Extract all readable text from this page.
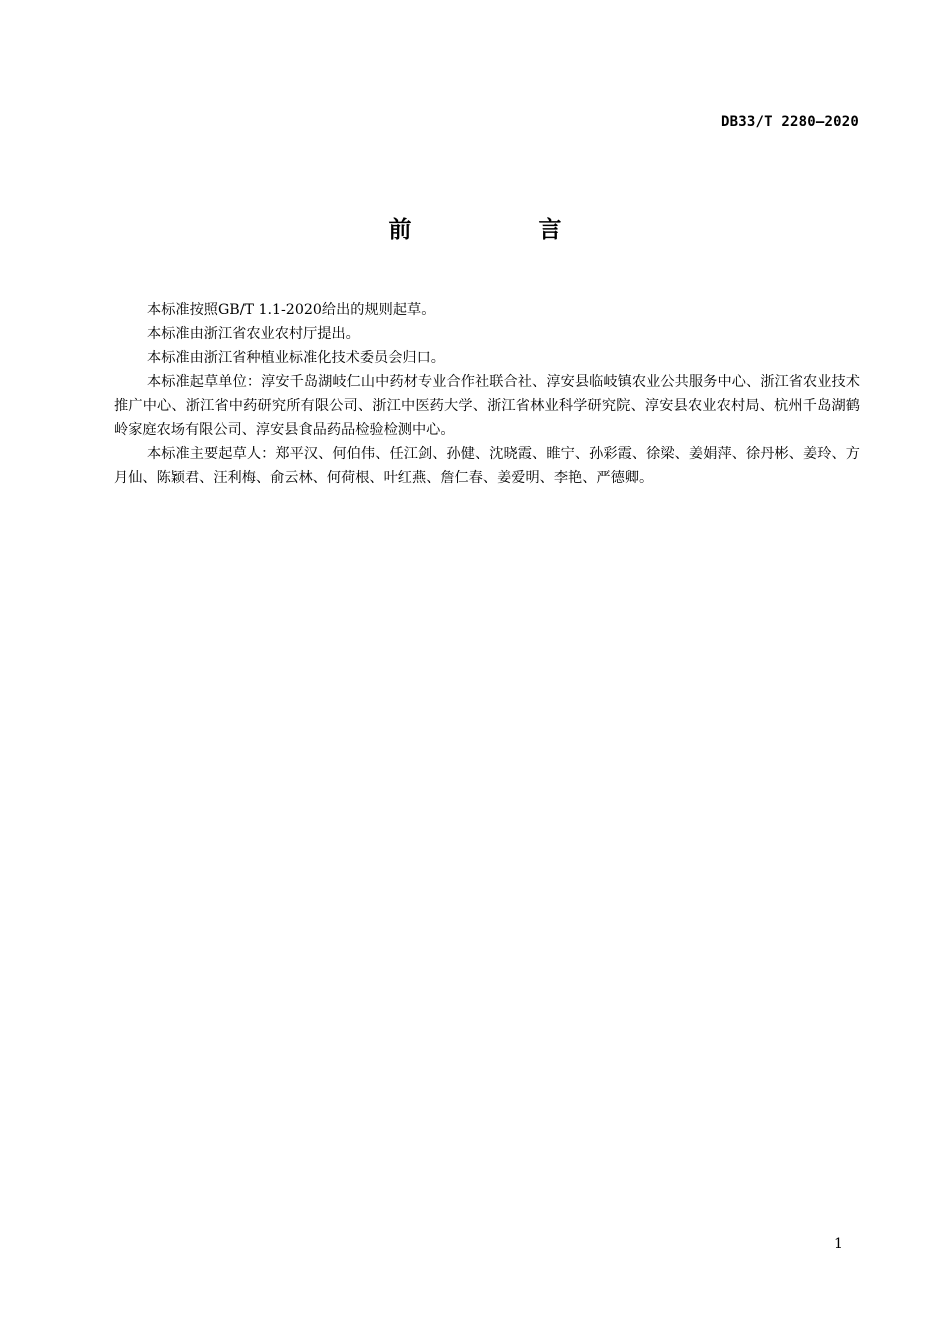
DB33/T 2280—2020

前　言

本标准按照GB/T 1.1-2020给出的规则起草。

本标准由浙江省农业农村厅提出。

本标准由浙江省种植业标准化技术委员会归口。

本标准起草单位：淳安千岛湖岐仁山中药材专业合作社联合社、淳安县临岐镇农业公共服务中心、浙江省农业技术推广中心、浙江省中药研究所有限公司、浙江中医药大学、浙江省林业科学研究院、淳安县农业农村局、杭州千岛湖鹤岭家庭农场有限公司、淳安县食品药品检验检测中心。

本标准主要起草人：郑平汉、何伯伟、任江剑、孙健、沈晓霞、睢宁、孙彩霞、徐梁、姜娟萍、徐丹彬、姜玲、方月仙、陈颖君、汪利梅、俞云林、何荷根、叶红燕、詹仁春、姜爱明、李艳、严德卿。

1
